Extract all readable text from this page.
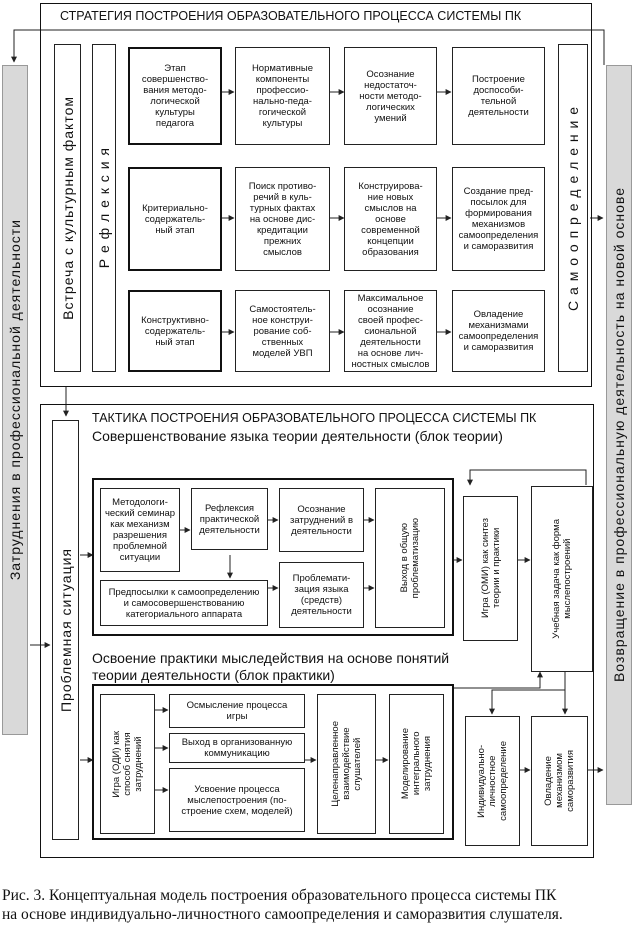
Затруднения в профессиональной деятельности	Возвращение в профессиональную деятельность на новой основе
СТРАТЕГИЯ ПОСТРОЕНИЯ ОБРАЗОВАТЕЛЬНОГО ПРОЦЕССА СИСТЕМЫ ПК
Встреча с культурным фактом Р е ф л е к с и я	С а м о о п р е д е л е н и е
Этап
совершенство-
вания методо-
логической
культуры
педагога
Нормативные
компоненты
профессио-
нально-педа-
гогической
культуры
Осознание
недостаточ-
ности методо-
логических
умений
Построение
доспособи-
тельной
деятельности
Критериально-
содержатель-
ный этап
Поиск противо-
речий в куль-
турных фактах
на основе дис-
кредитации
прежних
смыслов
Конструирова-
ние новых
смыслов на
основе
современной
концепции
образования
Создание пред-
посылок для
формирования
механизмов
самоопределения
и саморазвития
Конструктивно-
содержатель-
ный этап
Самостоятель-
ное конструи-
рование соб-
ственных
моделей УВП
Максимальное
осознание
своей профес-
сиональной
деятельности
на основе лич-
ностных смыслов
Овладение
механизмами
самоопределения
и саморазвития
Проблемная ситуация
ТАКТИКА ПОСТРОЕНИЯ ОБРАЗОВАТЕЛЬНОГО ПРОЦЕССА СИСТЕМЫ ПК
Совершенствование языка теории деятельности (блок теории)
Методологи-
ческий семинар
как механизм
разрешения
проблемной
ситуации
Рефлексия
практической
деятельности
Осознание
затруднений в
деятельности
Выход в общую
проблематизацию
Предпосылки к самоопределению
и самосовершенствованию
категориального аппарата
Проблемати-
зация языка
(средств)
деятельности	Игра (ОМИ) как синтез
теории и практики
Учебная задача как форма
мыслепостроений
Освоение практики мыследействия на основе понятий
теории деятельности (блок практики)
Игра (ОДИ) как
способ снятия
затруднений
Осмысление процесса
игры
Выход в организованную
коммуникацию
Усвоение процесса
мыслепостроения (по-
строение схем, моделей)
Целенаправленное
взаимодействие
слушателей	Моделирование
интегрального
затруднения	Индивидуально-
личностное
самоопределение	Овладение
механизмом
саморазвития
Рис. 3. Концептуальная модель построения образовательного процесса системы ПК
на основе индивидуально-личностного самоопределения и саморазвития слушателя.
